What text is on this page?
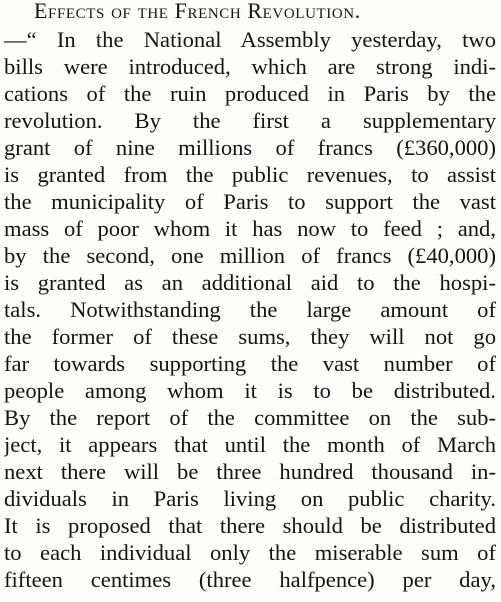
Effects of the French Revolution.
—“ In the National Assembly yesterday, two
bills were introduced, which are strong indi-
cations of the ruin produced in Paris by the
revolution. By the first a supplementary
grant of nine millions of francs (£360,000)
is granted from the public revenues, to assist
the municipality of Paris to support the vast
mass of poor whom it has now to feed ; and,
by the second, one million of francs (£40,000)
is granted as an additional aid to the hospi-
tals. Notwithstanding the large amount of
the former of these sums, they will not go
far towards supporting the vast number of
people among whom it is to be distributed.
By the report of the committee on the sub-
ject, it appears that until the month of March
next there will be three hundred thousand in-
dividuals in Paris living on public charity.
It is proposed that there should be distributed
to each individual only the miserable sum of
fifteen centimes (three halfpence) per day,
